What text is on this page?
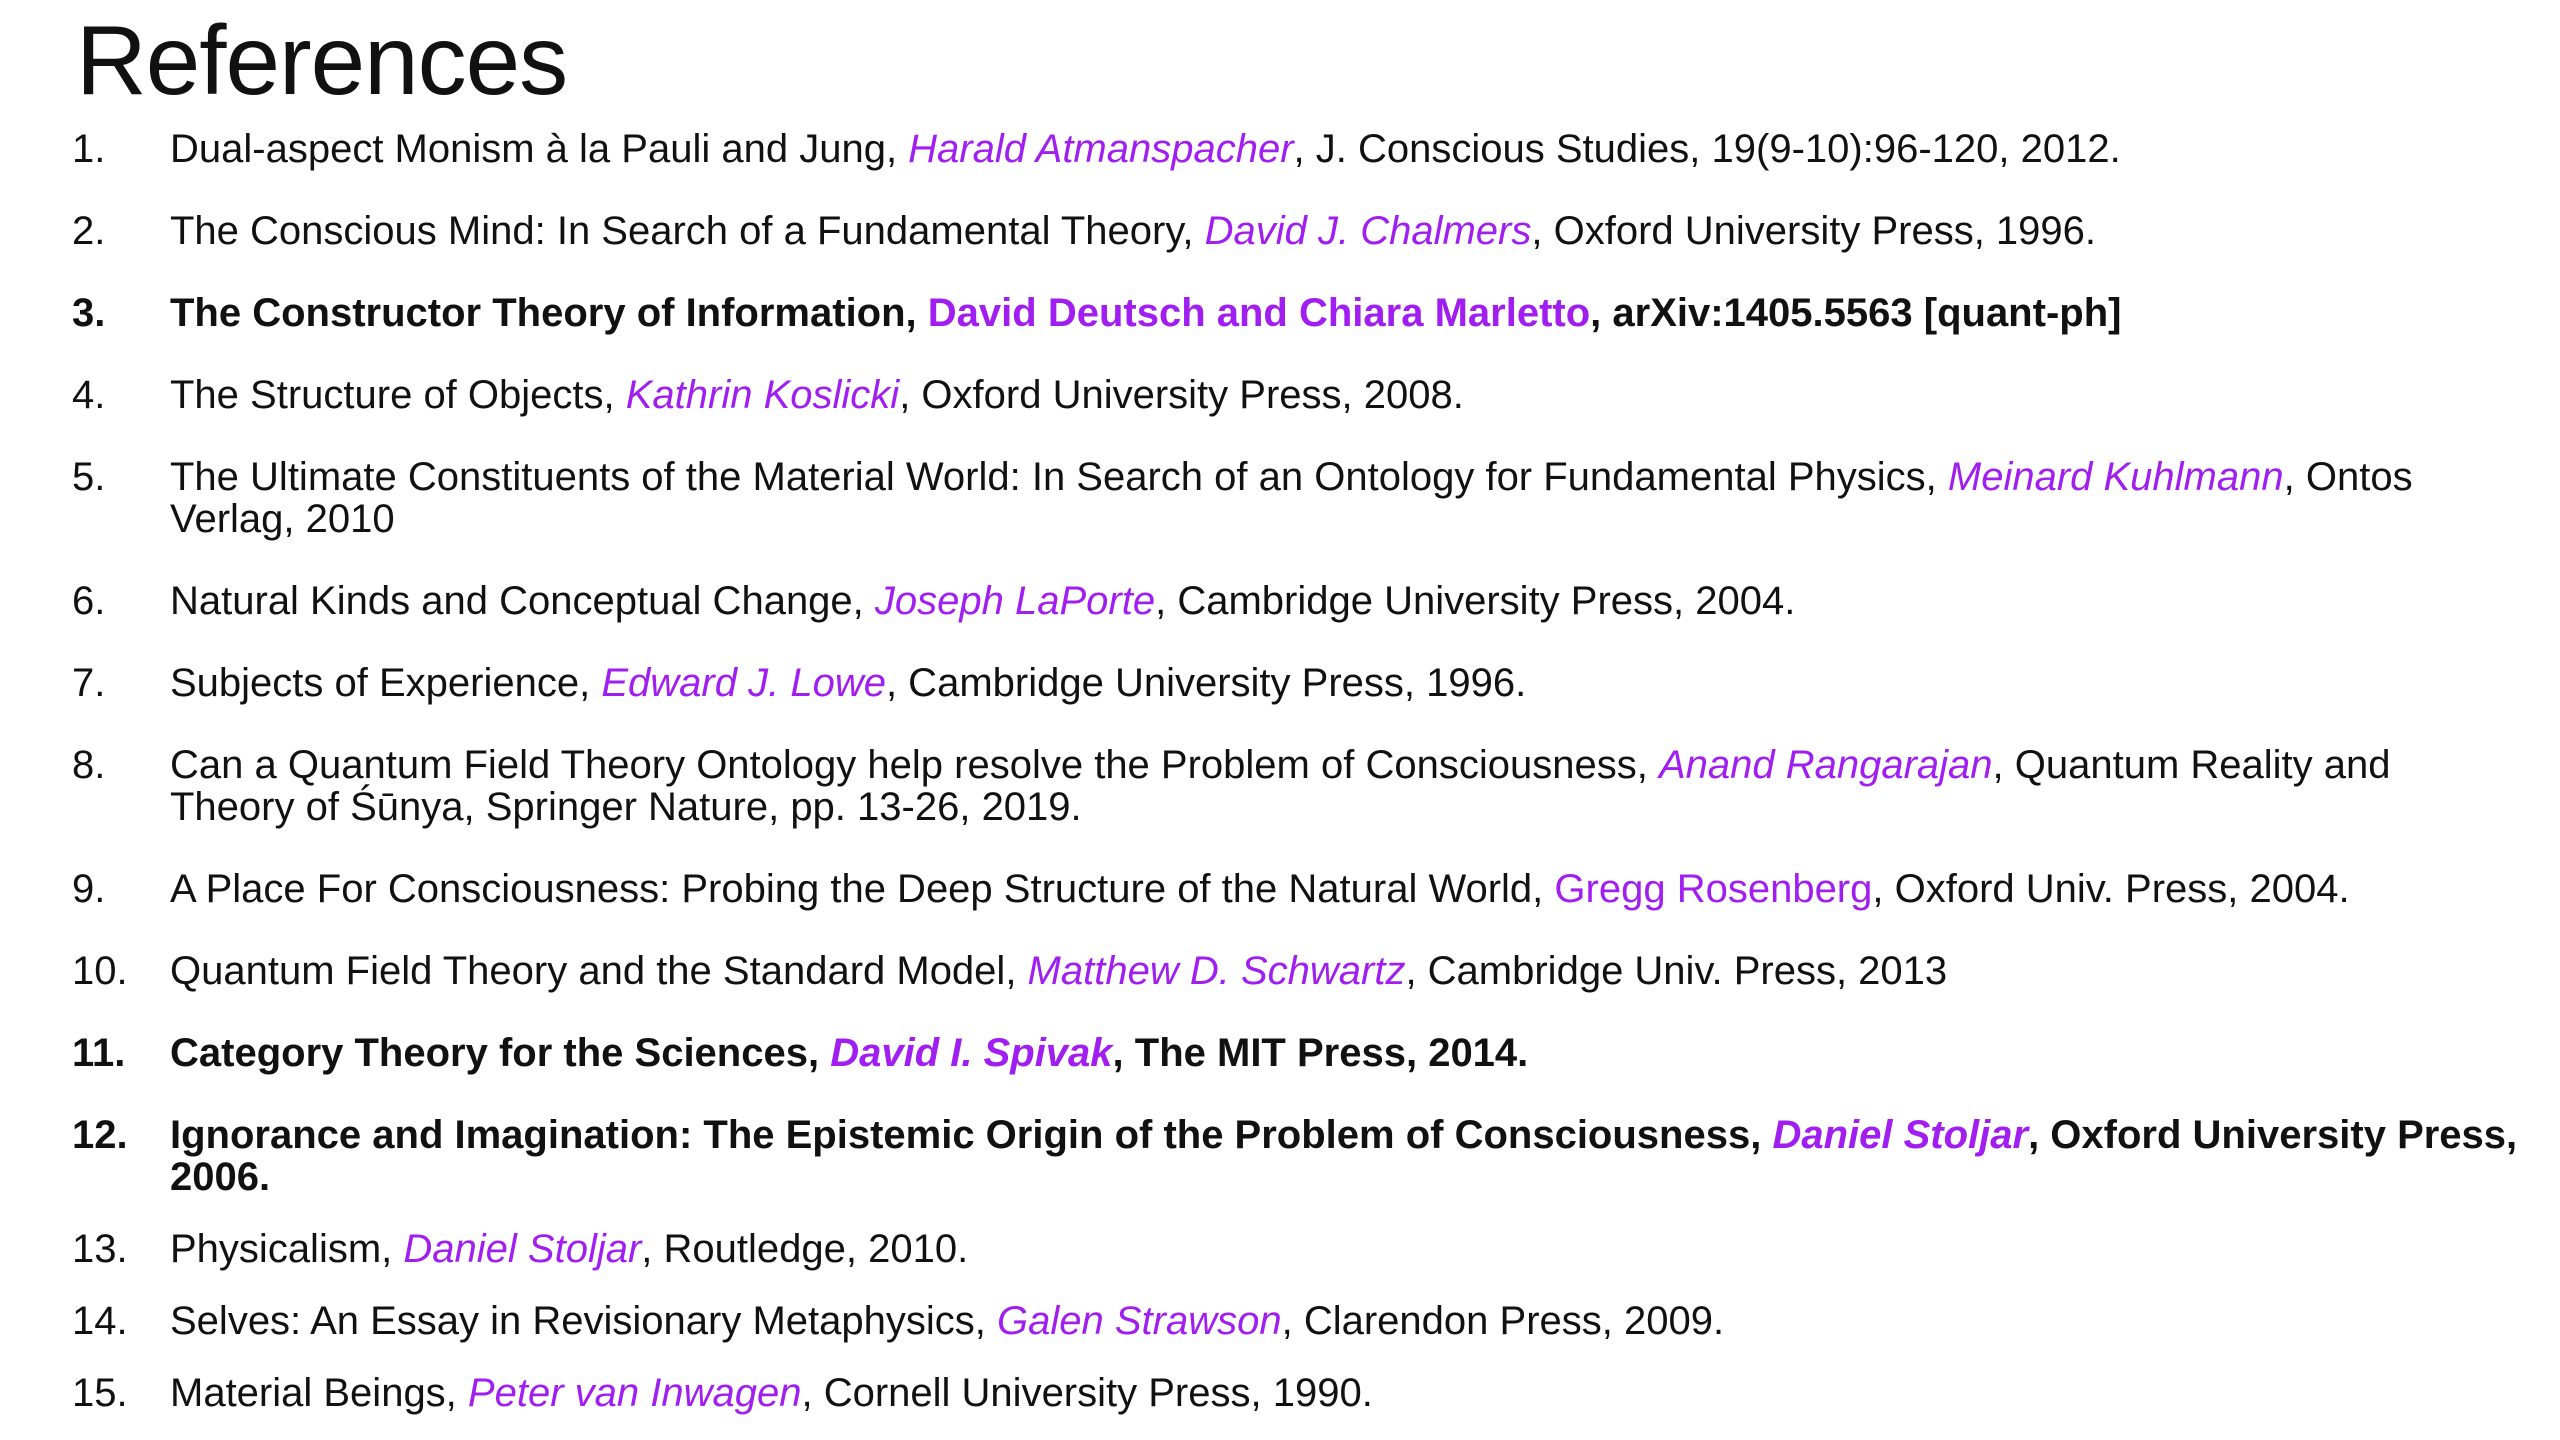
References
1.	Dual-aspect Monism à la Pauli and Jung, Harald Atmanspacher, J. Conscious Studies, 19(9-10):96-120, 2012.
2.	The Conscious Mind: In Search of a Fundamental Theory, David J. Chalmers, Oxford University Press, 1996.
3.	The Constructor Theory of Information, David Deutsch and Chiara Marletto, arXiv:1405.5563 [quant-ph]
4.	The Structure of Objects, Kathrin Koslicki, Oxford University Press, 2008.
5.	The Ultimate Constituents of the Material World: In Search of an Ontology for Fundamental Physics, Meinard Kuhlmann, Ontos Verlag, 2010
6.	Natural Kinds and Conceptual Change, Joseph LaPorte, Cambridge University Press, 2004.
7.	Subjects of Experience, Edward J. Lowe, Cambridge University Press, 1996.
8.	Can a Quantum Field Theory Ontology help resolve the Problem of Consciousness, Anand Rangarajan, Quantum Reality and Theory of Śūnya, Springer Nature, pp. 13-26, 2019.
9.	A Place For Consciousness: Probing the Deep Structure of the Natural World, Gregg Rosenberg, Oxford Univ. Press, 2004.
10.	Quantum Field Theory and the Standard Model, Matthew D. Schwartz, Cambridge Univ. Press, 2013
11.	Category Theory for the Sciences, David I. Spivak, The MIT Press, 2014.
12.	Ignorance and Imagination: The Epistemic Origin of the Problem of Consciousness, Daniel Stoljar, Oxford University Press, 2006.
13.	Physicalism, Daniel Stoljar, Routledge, 2010.
14.	Selves: An Essay in Revisionary Metaphysics, Galen Strawson, Clarendon Press, 2009.
15.	Material Beings, Peter van Inwagen, Cornell University Press, 1990.
